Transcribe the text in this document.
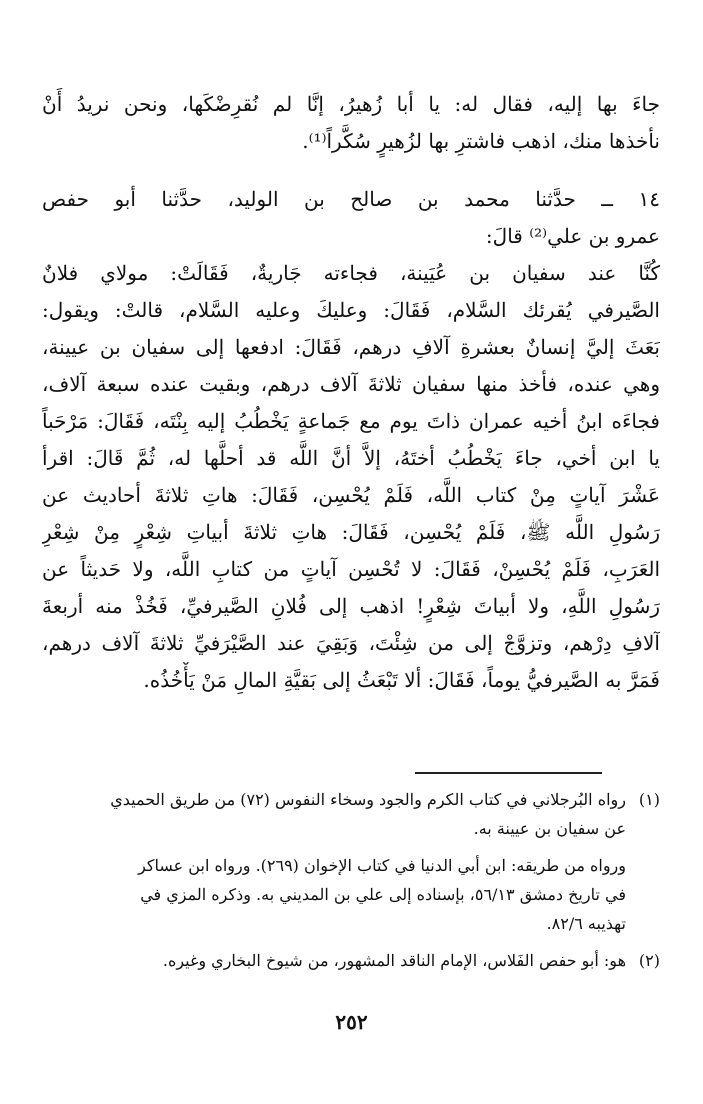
جاءَ بها إليه، فقال له: يا أبا زُهيرُ، إنَّا لم نُقرِضْكَها، ونحن نريدُ أَنْ
نأخذها منك، اذهب فاشترِ بها لزُهيرٍ سُكَّراً⁽¹⁾.
١٤ ــ حدَّثنا محمد بن صالح بن الوليد، حدَّثنا أبو حفص
عمرو بن علي⁽²⁾ قالَ:
كُنَّا عند سفيان بن عُيَينة، فجاءته جَاريةٌ، فَقَالَتْ: مولاي فلانٌ
الصَّيرفي يُقرئك السَّلام، فَقَالَ: وعليكَ وعليه السَّلام، قالتْ: ويقول:
بَعَثَ إليَّ إنسانٌ بعشرةِ آلافِ درهم، فَقَالَ: ادفعها إلى سفيان بن عيينة،
وهي عنده، فأخذ منها سفيان ثلاثةَ آلاف درهم، وبقيت عنده سبعة آلاف،
فجاءَه ابنُ أخيه عمران ذاتَ يوم مع جَماعةٍ يَخْطُبُ إليه بِنْتَه، فَقَالَ: مَرْحَباً
يا ابن أخي، جاءَ يَخْطُبُ أختَهُ، إلاَّ أنَّ اللَّه قد أحلَّها له، ثُمَّ قَالَ: اقرأ
عَشْرَ آياتٍ مِنْ كتاب اللَّه، فَلَمْ يُحْسِن، فَقَالَ: هاتِ ثلاثةَ أحاديث عن
رَسُولِ اللَّه ﷺ، فَلَمْ يُحْسِن، فَقَالَ: هاتِ ثلاثةَ أبياتِ شِعْرٍ مِنْ شِعْرِ
العَرَبِ، فَلَمْ يُحْسِنْ، فَقَالَ: لا تُحْسِن آياتٍ من كتابِ اللَّه، ولا حَديثاً عن
رَسُولِ اللَّهِ، ولا أبياتَ شِعْرٍ! اذهب إلى فُلانِ الصَّيرفيِّ، فَخُذْ منه أربعةَ
آلافِ دِرْهم، وتزوَّجْ إلى من شِئْتَ، وَبَقِيَ عند الصَّيْرَفيِّ ثلاثةَ آلاف درهم،
فَمَرَّ به الصَّيرفيُّ يوماً، فَقَالَ: ألا تَبْعَثُ إلى بَقيَّةِ المالِ مَنْ يَأْخُذُه.
(١)رواه البُرجلاني في كتاب الكرم والجود وسخاء النفوس (٧٢) من طريق الحميدي
عن سفيان بن عيينة به.
ورواه من طريقه: ابن أبي الدنيا في كتاب الإخوان (٢٦٩). ورواه ابن عساكر
في تاريخ دمشق ٥٦/١٣، بإسناده إلى علي بن المديني به. وذكره المزي في
تهذيبه ٨٢/٦.
(٢)هو: أبو حفص الفَلاس، الإمام الناقد المشهور، من شيوخ البخاري وغيره.
٢٥٢
